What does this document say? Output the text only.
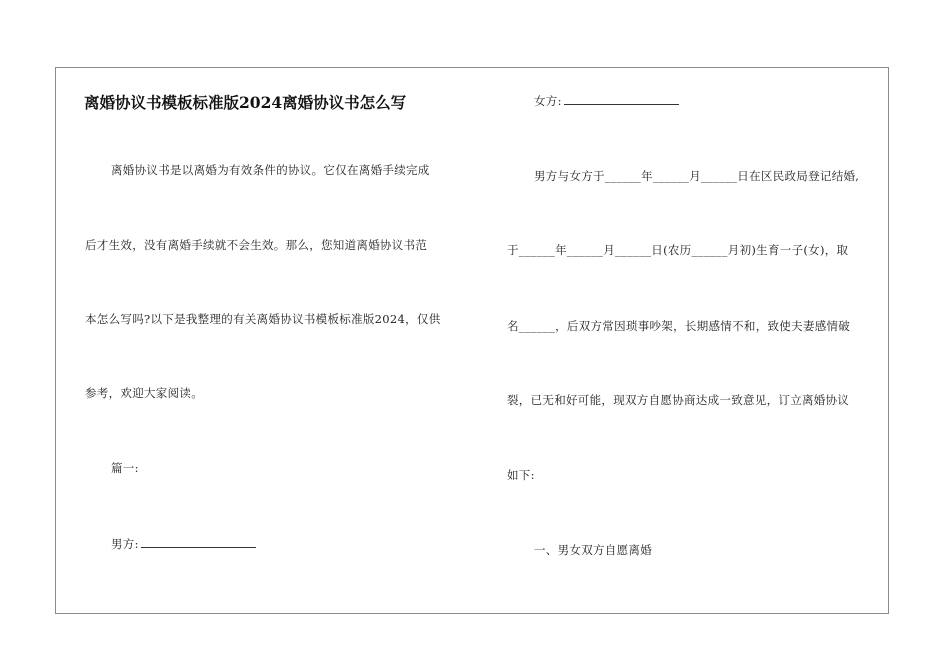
离婚协议书模板标准版2024离婚协议书怎么写
离婚协议书是以离婚为有效条件的协议。它仅在离婚手续完成
后才生效，没有离婚手续就不会生效。那么，您知道离婚协议书范
本怎么写吗?以下是我整理的有关离婚协议书模板标准版2024，仅供
参考，欢迎大家阅读。
篇一:
男方:
女方:
男方与女方于______年______月______日在区民政局登记结婚,
于______年______月______日(农历______月初)生育一子(女)，取
名______，后双方常因琐事吵架，长期感情不和，致使夫妻感情破
裂，已无和好可能，现双方自愿协商达成一致意见，订立离婚协议
如下:
一、男女双方自愿离婚
